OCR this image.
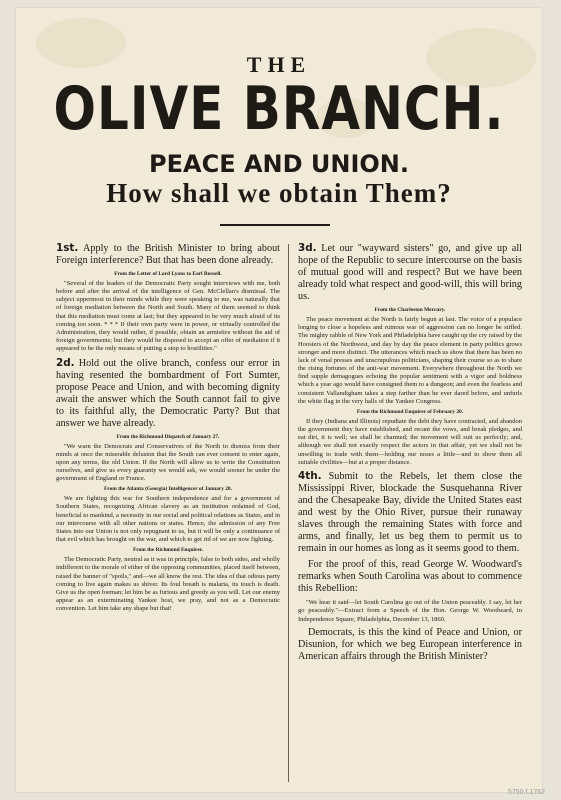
THE
OLIVE BRANCH.
PEACE AND UNION.
How shall we obtain Them?

1st. Apply to the British Minister to bring about Foreign interference? But that has been done already.

From the Letter of Lord Lyons to Earl Russell.

"Several of the leaders of the Democratic Party sought interviews with me, both before and after the arrival of the intelligence of Gen. McClellan's dismissal. The subject uppermost in their minds while they were speaking to me, was naturally that of foreign mediation between the North and South. Many of them seemed to think that this mediation must come at last; but they appeared to be very much afraid of its coming too soon. * * * If their own party were in power, or virtually controlled the Administration, they would rather, if possible, obtain an armistice without the aid of foreign governments; but they would be disposed to accept an offer of mediation if it appeared to be the only means of putting a stop to hostilities."

2d. Hold out the olive branch, confess our error in having resented the bombardment of Fort Sumter, propose Peace and Union, and with becoming dignity await the answer which the South cannot fail to give to its faithful ally, the Democratic Party? But that answer we have already.

From the Richmond Dispatch of January 27.

"We warn the Democrats and Conservatives of the North to dismiss from their minds at once the miserable delusion that the South can ever consent to enter again, upon any terms, the old Union. If the North will allow us to write the Constitution ourselves, and give us every guaranty we would ask, we would sooner be under the government of England or France.

From the Atlanta (Georgia) Intelligencer of January 20.

We are fighting this war for Southern independence and for a government of Southern States, recognizing African slavery as an institution ordained of God, beneficial to mankind, a necessity in our social and political relations as States, and in our intercourse with all other nations or states. Hence, the admission of any Free States into our Union is not only repugnant to us, but it will be only a continuance of that evil which has brought on the war, and which to get rid of we are now fighting.

From the Richmond Enquirer.

The Democratic Party, neutral as it was in principle, false to both sides, and wholly indifferent to the morale of either of the opposing communities, placed itself between, raised the banner of "spoils," and—we all know the rest. The idea of that odious party coming to live again makes us shiver. Its foul breath is malaria, its touch is death. Give us the open foeman; let him be as furious and greedy as you will. Let our enemy appear as an exterminating Yankee host, we pray, and not as a Democratic convention. Let him take any shape but that!

3d. Let our "wayward sisters" go, and give up all hope of the Republic to secure intercourse on the basis of mutual good will and respect? But we have been already told what respect and good-will, this will bring us.

From the Charleston Mercury.

The peace movement at the North is fairly begun at last. The voice of a populace longing to close a hopeless and ruinous war of aggression can no longer be stifled. The mighty rabble of New York and Philadelphia have caught up the cry raised by the Hoosiers of the Northwest, and day by day the peace element in party politics grows stronger and more distinct. The utterances which reach us show that there has been no lack of venal presses and unscrupulous politicians, shaping their course so as to share the rising fortunes of the anti-war movement. Everywhere throughout the North we find supple demagogues echoing the popular sentiment with a vigor and boldness which a year ago would have consigned them to a dungeon; and even the fearless and consistent Vallandigham takes a step farther than he ever dared before, and unfurls the white flag in the very halls of the Yankee Congress.

From the Richmond Enquirer of February 20.

If they (Indiana and Illinois) repudiate the debt they have contracted, and abandon the government they have established, and recant the vows, and break pledges, and eat dirt, it is well; we shall be charmed; the movement will suit us perfectly; and, although we shall not exactly respect the actors in that affair, yet we shall not be unwilling to trade with them—holding our noses a little—and to show them all suitable civilities—but at a proper distance.

4th. Submit to the Rebels, let them close the Mississippi River, blockade the Susquehanna River and the Chesapeake Bay, divide the United States east and west by the Ohio River, pursue their runaway slaves through the remaining States with force and arms, and finally, let us beg them to permit us to remain in our homes as long as it seems good to them.

For the proof of this, read George W. Woodward's remarks when South Carolina was about to commence this Rebellion:

"We hear it said—let South Carolina go out of the Union peaceably. I say, let her go peaceably."—Extract from a Speech of the Hon. George W. Woodward, in Independence Square, Philadelphia, December 13, 1860.

Democrats, is this the kind of Peace and Union, or Disunion, for which we beg European interference in American affairs through the British Minister?

5750.f.1762
